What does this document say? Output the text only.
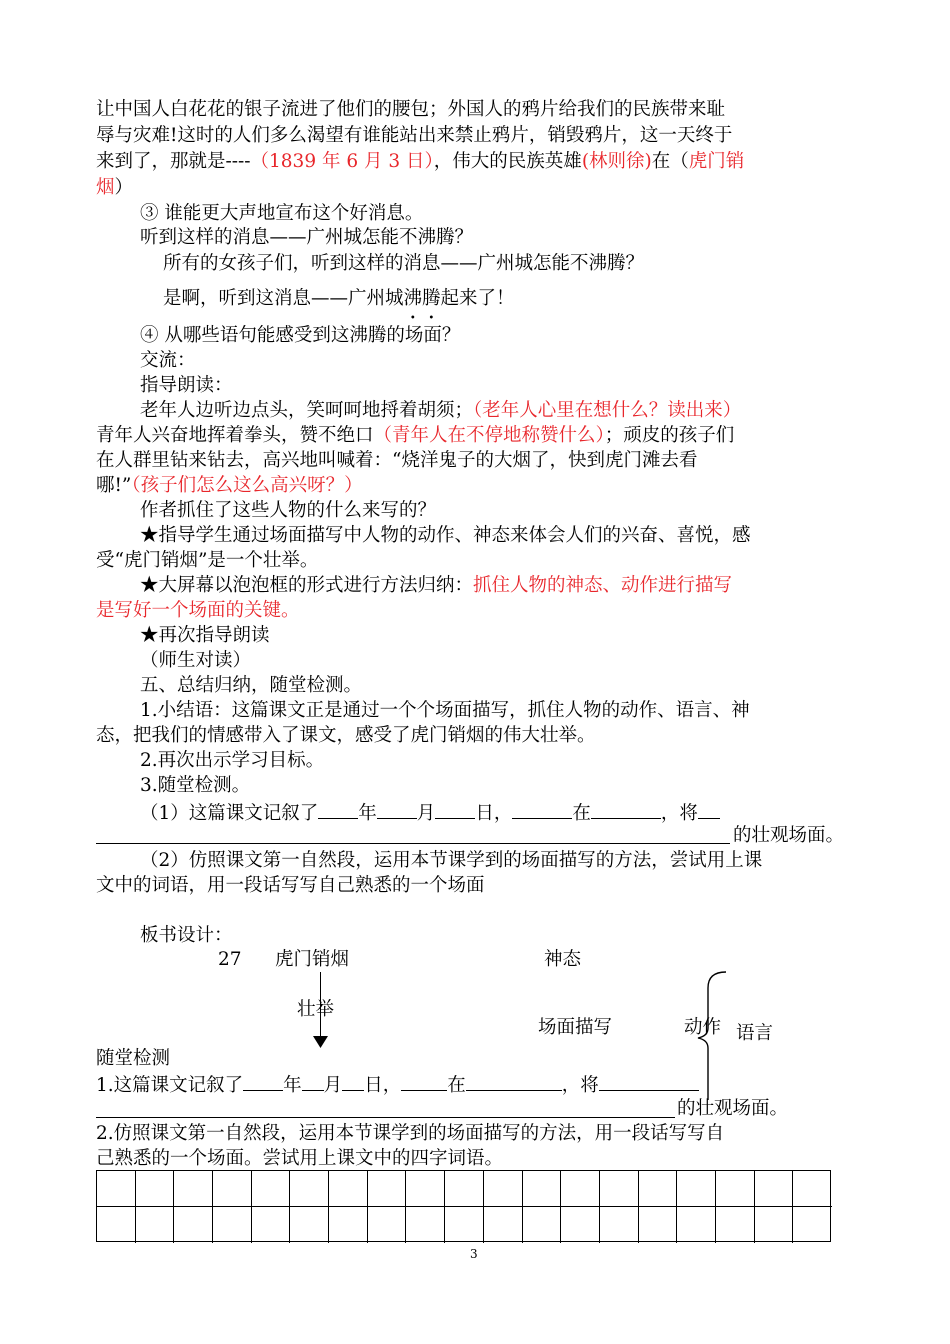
让中国人白花花的银子流进了他们的腰包；外国人的鸦片给我们的民族带来耻
辱与灾难!这时的人们多么渴望有谁能站出来禁止鸦片，销毁鸦片，这一天终于
来到了，那就是----（1839 年 6 月 3 日），伟大的民族英雄(林则徐)在（虎门销
烟）
③ 谁能更大声地宣布这个好消息。
听到这样的消息——广州城怎能不沸腾？
所有的女孩子们，听到这样的消息——广州城怎能不沸腾？
是啊，听到这消息——广州城沸腾起来了！
④ 从哪些语句能感受到这沸腾的场面？
交流：
指导朗读：
老年人边听边点头，笑呵呵地捋着胡须；（老年人心里在想什么？读出来）
青年人兴奋地挥着拳头，赞不绝口（青年人在不停地称赞什么）；顽皮的孩子们
在人群里钻来钻去，高兴地叫喊着：“烧洋鬼子的大烟了，快到虎门滩去看
哪!”（孩子们怎么这么高兴呀？）
作者抓住了这些人物的什么来写的？
★指导学生通过场面描写中人物的动作、神态来体会人们的兴奋、喜悦，感
受“虎门销烟”是一个壮举。
★大屏幕以泡泡框的形式进行方法归纳：抓住人物的神态、动作进行描写
是写好一个场面的关键。
★再次指导朗读
（师生对读）
五、总结归纳，随堂检测。
1.小结语：这篇课文正是通过一个个场面描写，抓住人物的动作、语言、神
态，把我们的情感带入了课文，感受了虎门销烟的伟大壮举。
2.再次出示学习目标。
3.随堂检测。
（1）这篇课文记叙了 年 月 日，	在	，将
的壮观场面。
（2）仿照课文第一自然段，运用本节课学到的场面描写的方法，尝试用上课
文中的词语，用一段话写写自己熟悉的一个场面
板书设计：
27 虎门销烟	神态
壮举
场面描写	动作 语言
随堂检测
1.这篇课文记叙了 年 月 日， 在	，将
的壮观场面。
2.仿照课文第一自然段，运用本节课学到的场面描写的方法，用一段话写写自
己熟悉的一个场面。尝试用上课文中的四字词语。
3
